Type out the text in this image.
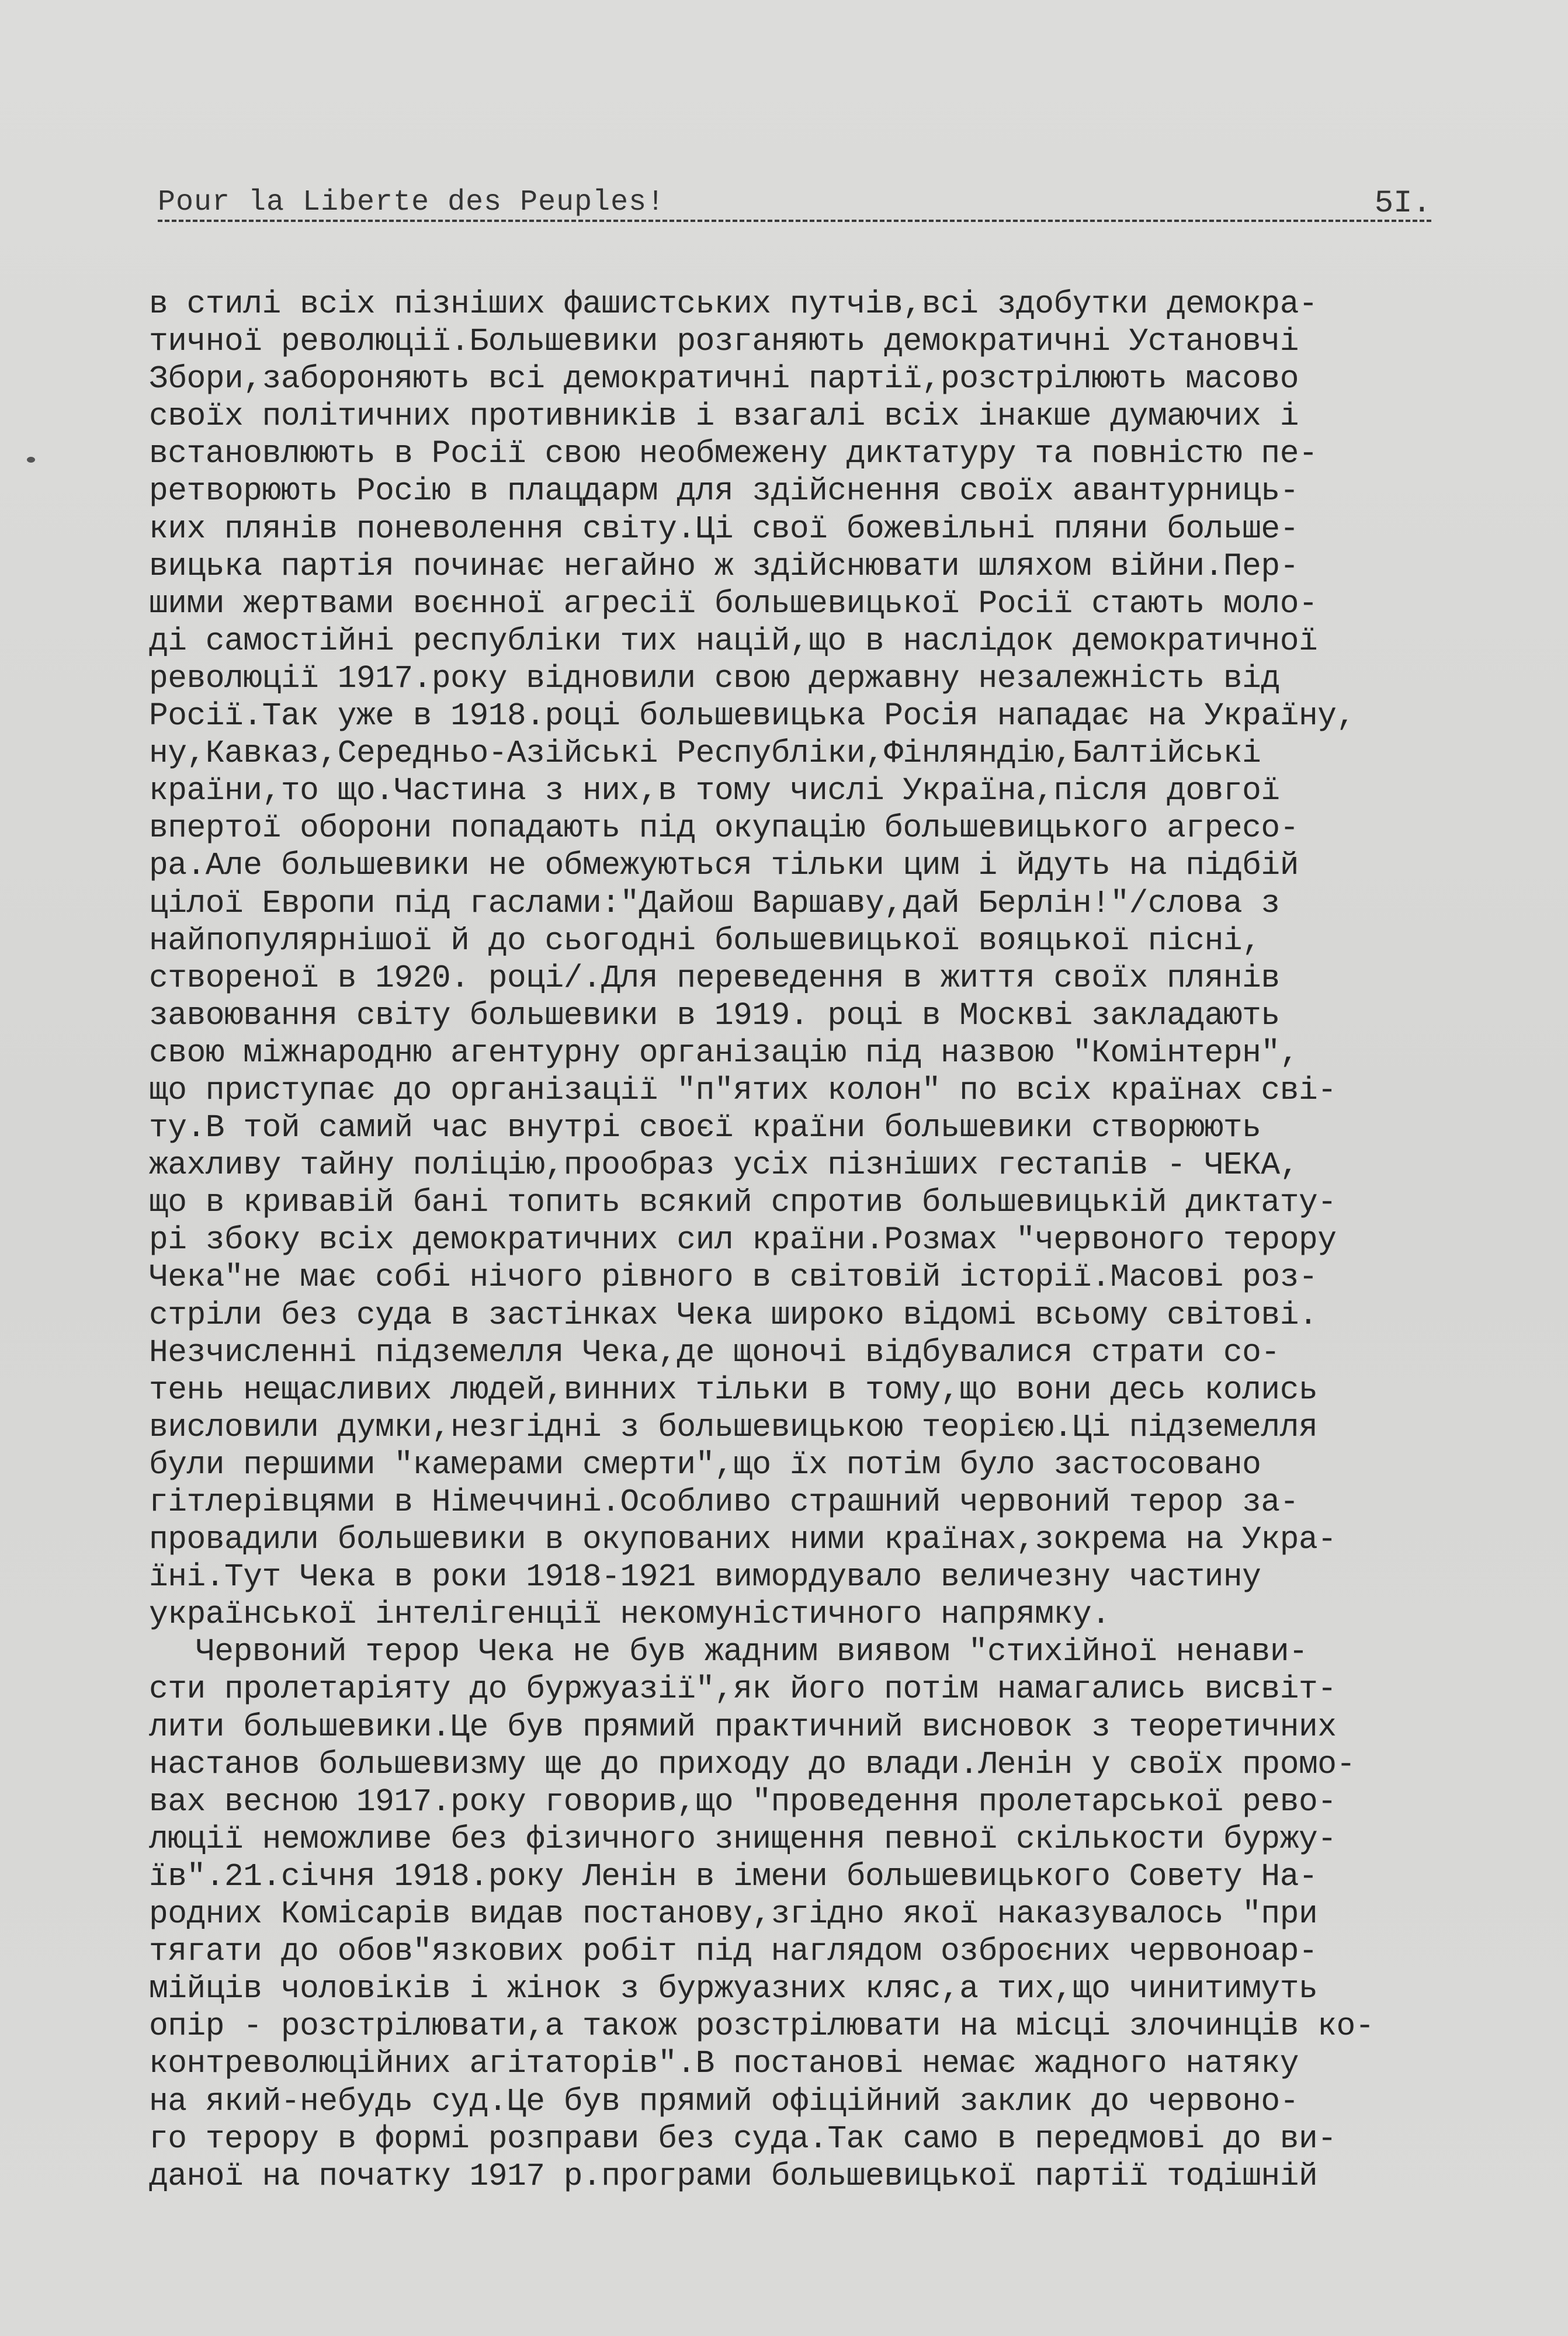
Pour la Liberte des Peuples!	5I.
в стилі всіх пізніших фашистських путчів,всі здобутки демокра-
тичної революції.Большевики розганяють демократичні Установчі
Збори,забороняють всі демократичні партії,розстрілюють масово
своїх політичних противників і взагалі всіх інакше думаючих і
встановлюють в Росії свою необмежену диктатуру та повністю пе-
ретворюють Росію в плацдарм для здійснення своїх авантурниць-
ких плянів поневолення світу.Ці свої божевільні пляни больше-
вицька партія починає негайно ж здійснювати шляхом війни.Пер-
шими жертвами воєнної агресії большевицької Росії стають моло-
ді самостійні республіки тих націй,що в наслідок демократичної
революції 1917.року відновили свою державну незалежність від
Росії.Так уже в 1918.році большевицька Росія нападає на Україну,
ну,Кавказ,Середньо-Азійські Республіки,Фінляндію,Балтійські
країни,то що.Частина з них,в тому числі Україна,після довгої
впертої оборони попадають під окупацію большевицького агресо-
ра.Але большевики не обмежуються тільки цим і йдуть на підбій
цілої Европи під гаслами:"Дайош Варшаву,дай Берлін!"/слова з
найпопулярнішої й до сьогодні большевицької вояцької пісні,
створеної в 1920. році/.Для переведення в життя своїх плянів
завоювання світу большевики в 1919. році в Москві закладають
свою міжнародню агентурну організацію під назвою "Комінтерн",
що приступає до організації "п"ятих колон" по всіх країнах сві-
ту.В той самий час внутрі своєї країни большевики створюють
жахливу тайну поліцію,прообраз усіх пізніших гестапів - ЧЕКА,
що в кривавій бані топить всякий спротив большевицькій диктату-
рі збоку всіх демократичних сил країни.Розмах "червоного терору
Чека"не має собі нічого рівного в світовій історії.Масові роз-
стріли без суда в застінках Чека широко відомі всьому світові.
Незчисленні підземелля Чека,де щоночі відбувалися страти со-
тень нещасливих людей,винних тільки в тому,що вони десь колись
висловили думки,незгідні з большевицькою теорією.Ці підземелля
були першими "камерами смерти",що їх потім було застосовано
гітлерівцями в Німеччині.Особливо страшний червоний терор за-
провадили большевики в окупованих ними країнах,зокрема на Укра-
їні.Тут Чека в роки 1918-1921 вимордувало величезну частину
української інтелігенції некомуністичного напрямку.
Червоний терор Чека не був жадним виявом "стихійної ненави-
сти пролетаріяту до буржуазії",як його потім намагались висвіт-
лити большевики.Це був прямий практичний висновок з теоретичних
настанов большевизму ще до приходу до влади.Ленін у своїх промо-
вах весною 1917.року говорив,що "проведення пролетарської рево-
люції неможливе без фізичного знищення певної скількости буржу-
їв".21.січня 1918.року Ленін в імени большевицького Совету На-
родних Комісарів видав постанову,згідно якої наказувалось "при
тягати до обов"язкових робіт під наглядом озброєних червоноар-
мійців чоловіків і жінок з буржуазних кляс,а тих,що чинитимуть
опір - розстрілювати,а також розстрілювати на місці злочинців ко-
контреволюційних агітаторів".В постанові немає жадного натяку
на який-небудь суд.Це був прямий офіційний заклик до червоно-
го терору в формі розправи без суда.Так само в передмові до ви-
даної на початку 1917 р.програми большевицької партії тодішній
